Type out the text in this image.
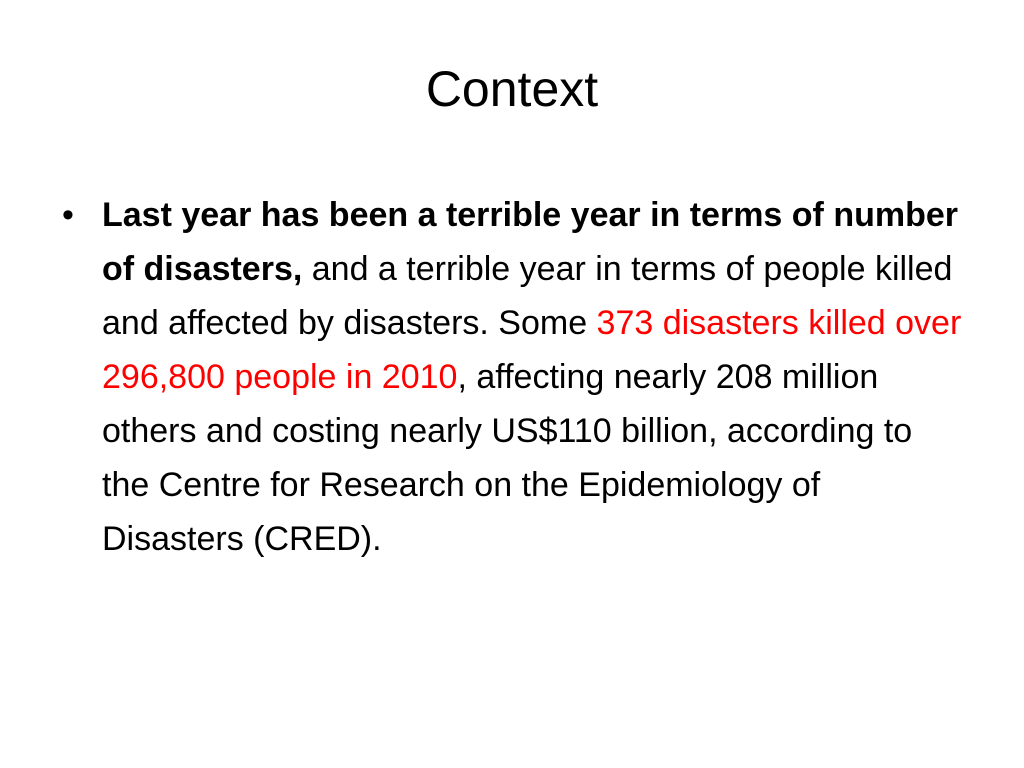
Context
• Last year has been a terrible year in terms of number of disasters, and a terrible year in terms of people killed and affected by disasters. Some 373 disasters killed over 296,800 people in 2010, affecting nearly 208 million others and costing nearly US$110 billion, according to the Centre for Research on the Epidemiology of Disasters (CRED).
